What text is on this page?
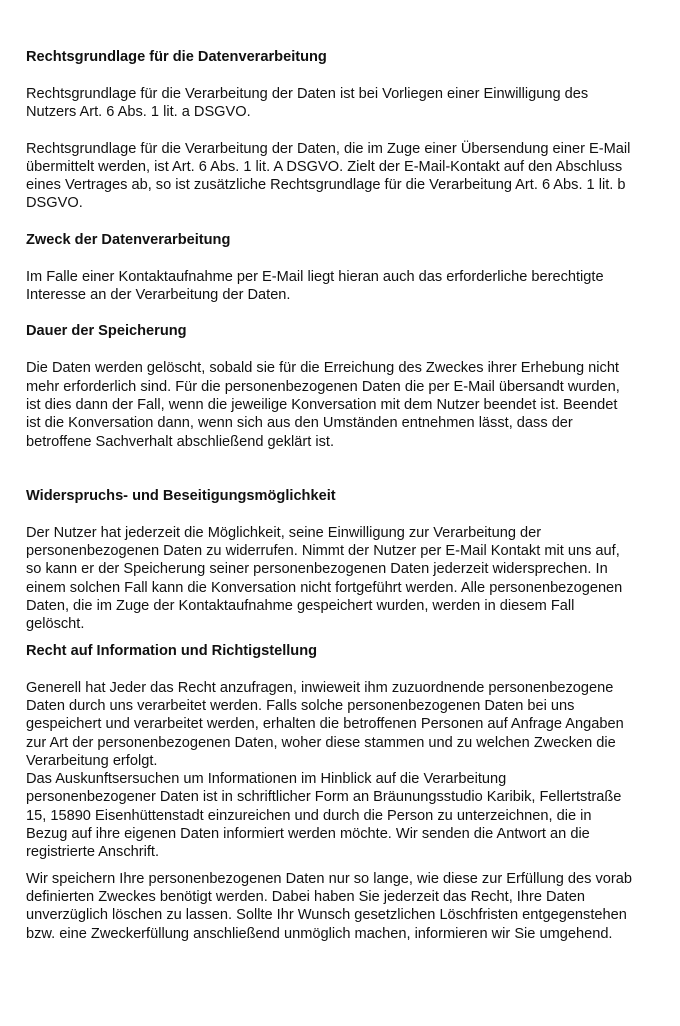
Rechtsgrundlage für die Datenverarbeitung

Rechtsgrundlage für die Verarbeitung der Daten ist bei Vorliegen einer Einwilligung des Nutzers Art. 6 Abs. 1 lit. a DSGVO.

Rechtsgrundlage für die Verarbeitung der Daten, die im Zuge einer Übersendung einer E-Mail übermittelt werden, ist Art. 6 Abs. 1 lit. A DSGVO. Zielt der E-Mail-Kontakt auf den Abschluss eines Vertrages ab, so ist zusätzliche Rechtsgrundlage für die Verarbeitung Art. 6 Abs. 1 lit. b DSGVO.

Zweck der Datenverarbeitung

Im Falle einer Kontaktaufnahme per E-Mail liegt hieran auch das erforderliche berechtigte Interesse an der Verarbeitung der Daten.

Dauer der Speicherung

Die Daten werden gelöscht, sobald sie für die Erreichung des Zweckes ihrer Erhebung nicht mehr erforderlich sind. Für die personenbezogenen Daten die per E-Mail übersandt wurden, ist dies dann der Fall, wenn die jeweilige Konversation mit dem Nutzer beendet ist. Beendet ist die Konversation dann, wenn sich aus den Umständen entnehmen lässt, dass der betroffene Sachverhalt abschließend geklärt ist.

Widerspruchs- und Beseitigungsmöglichkeit

Der Nutzer hat jederzeit die Möglichkeit, seine Einwilligung zur Verarbeitung der personenbezogenen Daten zu widerrufen. Nimmt der Nutzer per E-Mail Kontakt mit uns auf, so kann er der Speicherung seiner personenbezogenen Daten jederzeit widersprechen. In einem solchen Fall kann die Konversation nicht fortgeführt werden. Alle personenbezogenen Daten, die im Zuge der Kontaktaufnahme gespeichert wurden, werden in diesem Fall gelöscht.

Recht auf Information und Richtigstellung

Generell hat Jeder das Recht anzufragen, inwieweit ihm zuzuordnende personenbezogene Daten durch uns verarbeitet werden. Falls solche personenbezogenen Daten bei uns gespeichert und verarbeitet werden, erhalten die betroffenen Personen auf Anfrage Angaben zur Art der personenbezogenen Daten, woher diese stammen und zu welchen Zwecken die Verarbeitung erfolgt.

Das Auskunftsersuchen um Informationen im Hinblick auf die Verarbeitung personenbezogener Daten ist in schriftlicher Form an Bräunungsstudio Karibik, Fellertstraße 15, 15890 Eisenhüttenstadt einzureichen und durch die Person zu unterzeichnen, die in Bezug auf ihre eigenen Daten informiert werden möchte. Wir senden die Antwort an die registrierte Anschrift.

Wir speichern Ihre personenbezogenen Daten nur so lange, wie diese zur Erfüllung des vorab definierten Zweckes benötigt werden. Dabei haben Sie jederzeit das Recht, Ihre Daten unverzüglich löschen zu lassen. Sollte Ihr Wunsch gesetzlichen Löschfristen entgegenstehen bzw. eine Zweckerfüllung anschließend unmöglich machen, informieren wir Sie umgehend.
